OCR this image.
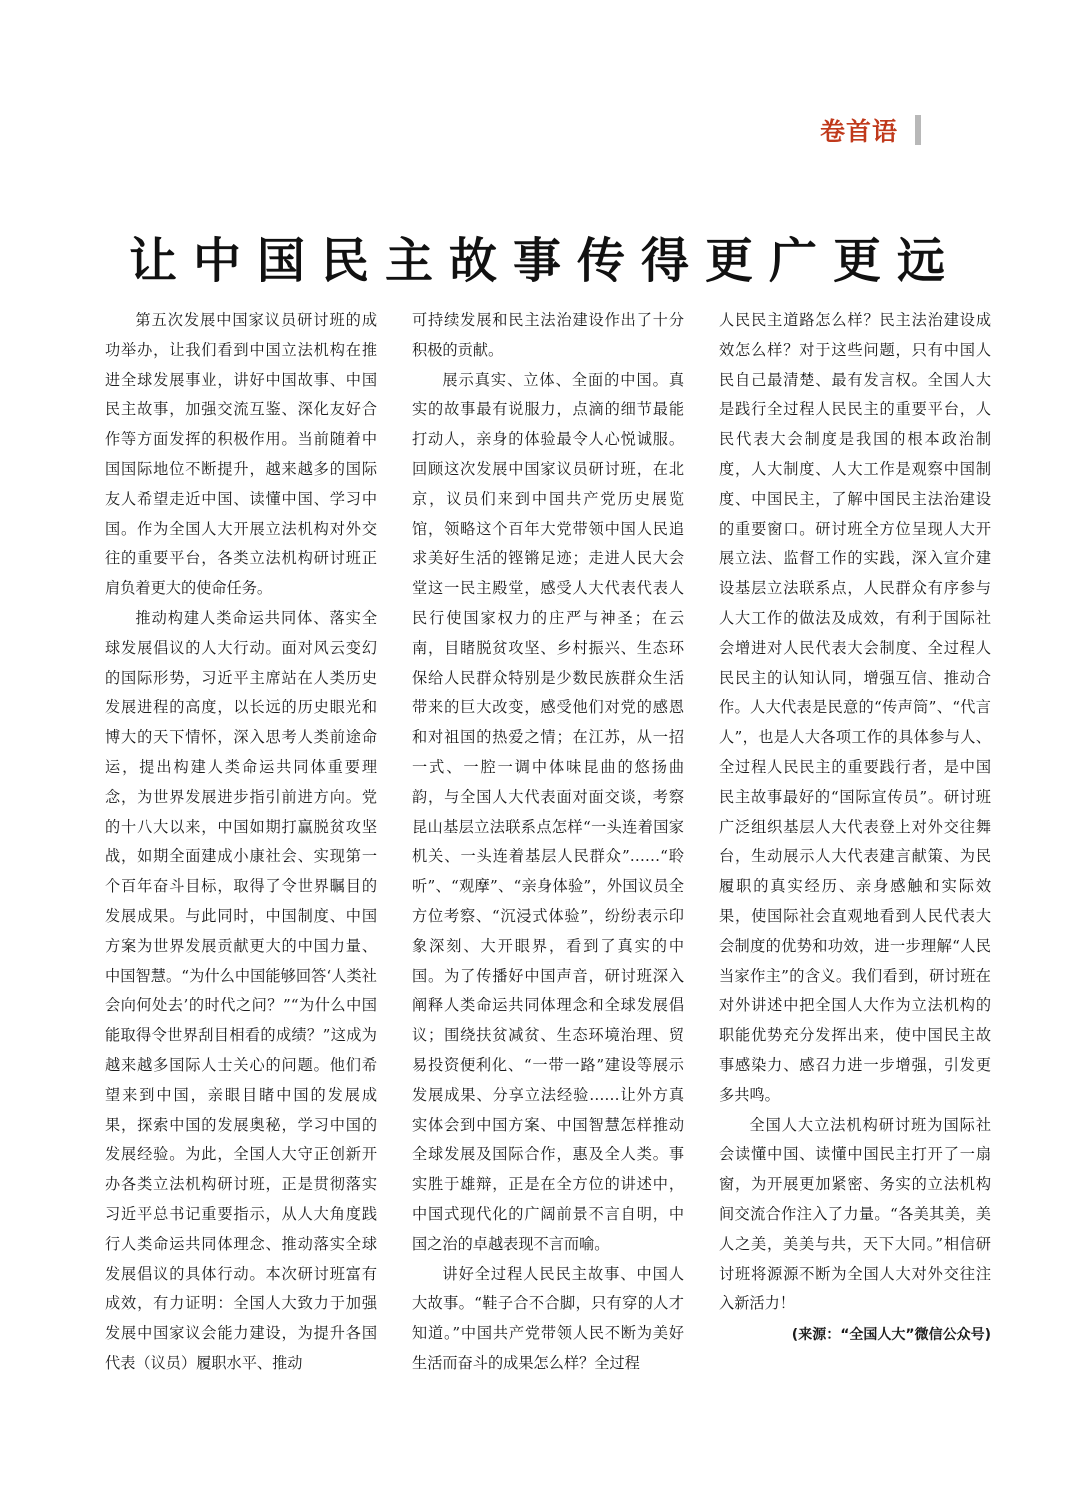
卷首语
让中国民主故事传得更广更远

第五次发展中国家议员研讨班的成功举办，让我们看到中国立法机构在推进全球发展事业，讲好中国故事、中国民主故事，加强交流互鉴、深化友好合作等方面发挥的积极作用。当前随着中国国际地位不断提升，越来越多的国际友人希望走近中国、读懂中国、学习中国。作为全国人大开展立法机构对外交往的重要平台，各类立法机构研讨班正肩负着更大的使命任务。

推动构建人类命运共同体、落实全球发展倡议的人大行动。面对风云变幻的国际形势，习近平主席站在人类历史发展进程的高度，以长远的历史眼光和博大的天下情怀，深入思考人类前途命运，提出构建人类命运共同体重要理念，为世界发展进步指引前进方向。党的十八大以来，中国如期打赢脱贫攻坚战，如期全面建成小康社会、实现第一个百年奋斗目标，取得了令世界瞩目的发展成果。与此同时，中国制度、中国方案为世界发展贡献更大的中国力量、中国智慧。“为什么中国能够回答‘人类社会向何处去’的时代之问？”“为什么中国能取得令世界刮目相看的成绩？”这成为越来越多国际人士关心的问题。他们希望来到中国，亲眼目睹中国的发展成果，探索中国的发展奥秘，学习中国的发展经验。为此，全国人大守正创新开办各类立法机构研讨班，正是贯彻落实习近平总书记重要指示，从人大角度践行人类命运共同体理念、推动落实全球发展倡议的具体行动。本次研讨班富有成效，有力证明：全国人大致力于加强发展中国家议会能力建设，为提升各国代表（议员）履职水平、推动

可持续发展和民主法治建设作出了十分积极的贡献。

展示真实、立体、全面的中国。真实的故事最有说服力，点滴的细节最能打动人，亲身的体验最令人心悦诚服。回顾这次发展中国家议员研讨班，在北京，议员们来到中国共产党历史展览馆，领略这个百年大党带领中国人民追求美好生活的铿锵足迹；走进人民大会堂这一民主殿堂，感受人大代表代表人民行使国家权力的庄严与神圣；在云南，目睹脱贫攻坚、乡村振兴、生态环保给人民群众特别是少数民族群众生活带来的巨大改变，感受他们对党的感恩和对祖国的热爱之情；在江苏，从一招一式、一腔一调中体味昆曲的悠扬曲韵，与全国人大代表面对面交谈，考察昆山基层立法联系点怎样“一头连着国家机关、一头连着基层人民群众”……“聆听”、“观摩”、“亲身体验”，外国议员全方位考察、“沉浸式体验”，纷纷表示印象深刻、大开眼界，看到了真实的中国。为了传播好中国声音，研讨班深入阐释人类命运共同体理念和全球发展倡议；围绕扶贫减贫、生态环境治理、贸易投资便利化、“一带一路”建设等展示发展成果、分享立法经验……让外方真实体会到中国方案、中国智慧怎样推动全球发展及国际合作，惠及全人类。事实胜于雄辩，正是在全方位的讲述中，中国式现代化的广阔前景不言自明，中国之治的卓越表现不言而喻。

讲好全过程人民民主故事、中国人大故事。“鞋子合不合脚，只有穿的人才知道。”中国共产党带领人民不断为美好生活而奋斗的成果怎么样？全过程

人民民主道路怎么样？民主法治建设成效怎么样？对于这些问题，只有中国人民自己最清楚、最有发言权。全国人大是践行全过程人民民主的重要平台，人民代表大会制度是我国的根本政治制度，人大制度、人大工作是观察中国制度、中国民主，了解中国民主法治建设的重要窗口。研讨班全方位呈现人大开展立法、监督工作的实践，深入宣介建设基层立法联系点，人民群众有序参与人大工作的做法及成效，有利于国际社会增进对人民代表大会制度、全过程人民民主的认知认同，增强互信、推动合作。人大代表是民意的“传声筒”、“代言人”，也是人大各项工作的具体参与人、全过程人民民主的重要践行者，是中国民主故事最好的“国际宣传员”。研讨班广泛组织基层人大代表登上对外交往舞台，生动展示人大代表建言献策、为民履职的真实经历、亲身感触和实际效果，使国际社会直观地看到人民代表大会制度的优势和功效，进一步理解“人民当家作主”的含义。我们看到，研讨班在对外讲述中把全国人大作为立法机构的职能优势充分发挥出来，使中国民主故事感染力、感召力进一步增强，引发更多共鸣。

全国人大立法机构研讨班为国际社会读懂中国、读懂中国民主打开了一扇窗，为开展更加紧密、务实的立法机构间交流合作注入了力量。“各美其美，美人之美，美美与共，天下大同。”相信研讨班将源源不断为全国人大对外交往注入新活力！

(来源：“全国人大”微信公众号)
